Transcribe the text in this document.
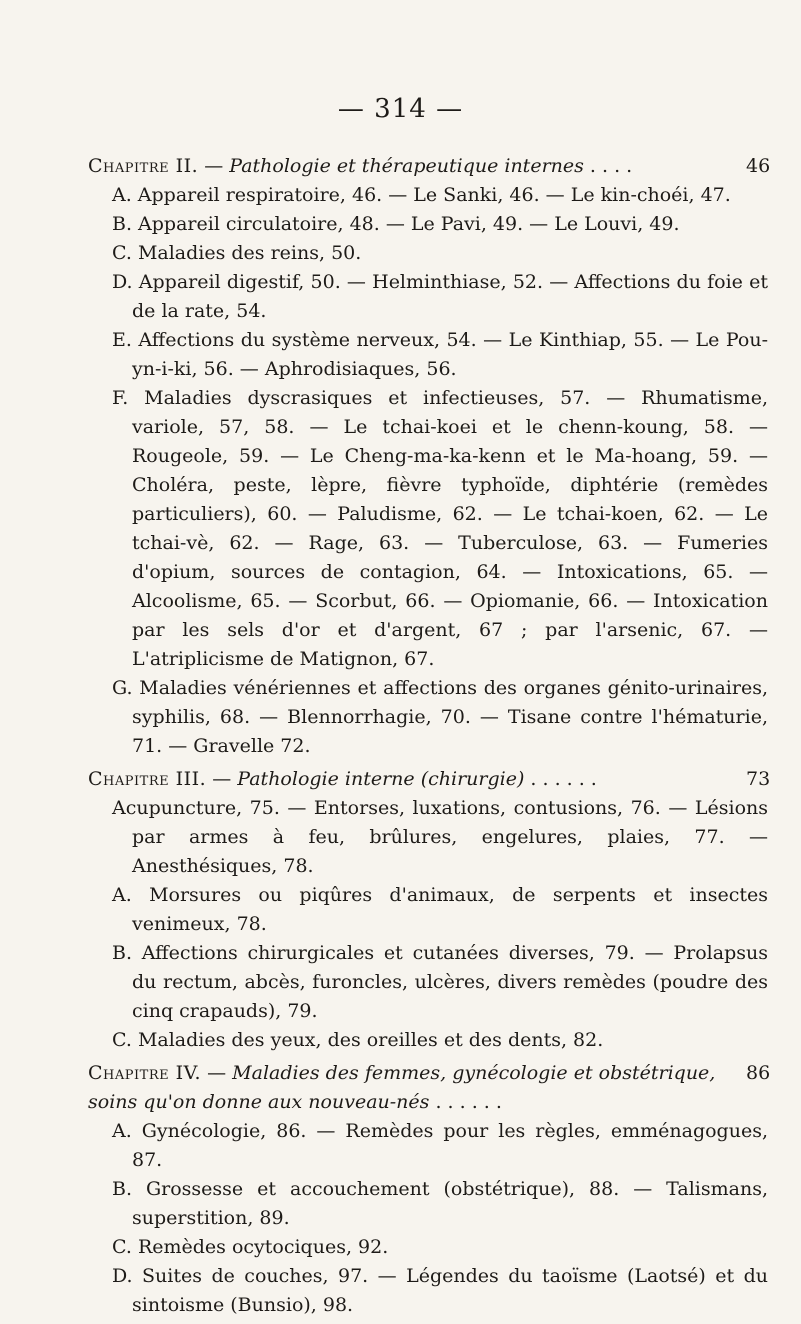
— 314 —
Chapitre II. — Pathologie et thérapeutique internes . . . .	46
A. Appareil respiratoire, 46. — Le Sanki, 46. — Le kin-choéi, 47.
B. Appareil circulatoire, 48. — Le Pavi, 49. — Le Louvi, 49.
C. Maladies des reins, 50.
D. Appareil digestif, 50. — Helminthiase, 52. — Affections du foie et de la rate, 54.
E. Affections du système nerveux, 54. — Le Kinthiap, 55. — Le Pou-yn-i-ki, 56. — Aphrodisiaques, 56.
F. Maladies dyscrasiques et infectieuses, 57. — Rhumatisme, variole, 57, 58. — Le tchai-koei et le chenn-koung, 58. — Rougeole, 59. — Le Cheng-ma-ka-kenn et le Ma-hoang, 59. — Choléra, peste, lèpre, fièvre typhoïde, diphtérie (remèdes particuliers), 60. — Paludisme, 62. — Le tchai-koen, 62. — Le tchai-vè, 62. — Rage, 63. — Tuberculose, 63. — Fumeries d'opium, sources de contagion, 64. — Intoxications, 65. — Alcoolisme, 65. — Scorbut, 66. — Opiomanie, 66. — Intoxication par les sels d'or et d'argent, 67 ; par l'arsenic, 67. — L'atriplicisme de Matignon, 67.
G. Maladies vénériennes et affections des organes génito-urinaires, syphilis, 68. — Blennorrhagie, 70. — Tisane contre l'hématurie, 71. — Gravelle 72.
Chapitre III. — Pathologie interne (chirurgie) . . . . . .	73
Acupuncture, 75. — Entorses, luxations, contusions, 76. — Lésions par armes à feu, brûlures, engelures, plaies, 77. — Anesthésiques, 78.
A. Morsures ou piqûres d'animaux, de serpents et insectes venimeux, 78.
B. Affections chirurgicales et cutanées diverses, 79. — Prolapsus du rectum, abcès, furoncles, ulcères, divers remèdes (poudre des cinq crapauds), 79.
C. Maladies des yeux, des oreilles et des dents, 82.
Chapitre IV. — Maladies des femmes, gynécologie et obstétrique, soins qu'on donne aux nouveau-nés . . . . . .
86
A. Gynécologie, 86. — Remèdes pour les règles, emménagogues, 87.
B. Grossesse et accouchement (obstétrique), 88. — Talismans, superstition, 89.
C. Remèdes ocytociques, 92.
D. Suites de couches, 97. — Légendes du taoïsme (Laotsé) et du sintoisme (Bunsio), 98.
